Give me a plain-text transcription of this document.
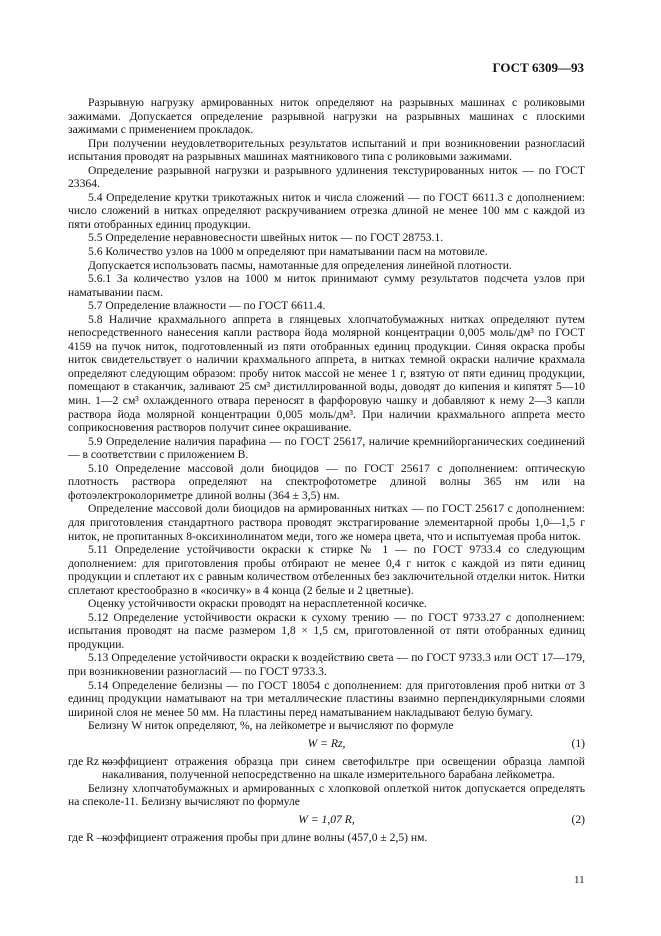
ГОСТ 6309—93

Разрывную нагрузку армированных ниток определяют на разрывных машинах с роликовыми зажимами. Допускается определение разрывной нагрузки на разрывных машинах с плоскими зажимами с применением прокладок.

При получении неудовлетворительных результатов испытаний и при возникновении разногласий испытания проводят на разрывных машинах маятникового типа с роликовыми зажимами.

Определение разрывной нагрузки и разрывного удлинения текстурированных ниток — по ГОСТ 23364.

5.4 Определение крутки трикотажных ниток и числа сложений — по ГОСТ 6611.3 с дополнением: число сложений в нитках определяют раскручиванием отрезка длиной не менее 100 мм с каждой из пяти отобранных единиц продукции.

5.5 Определение неравновесности швейных ниток — по ГОСТ 28753.1.

5.6 Количество узлов на 1000 м определяют при наматывании пасм на мотовиле.

Допускается использовать пасмы, намотанные для определения линейной плотности.

5.6.1 За количество узлов на 1000 м ниток принимают сумму результатов подсчета узлов при наматывании пасм.

5.7 Определение влажности — по ГОСТ 6611.4.

5.8 Наличие крахмального аппрета в глянцевых хлопчатобумажных нитках определяют путем непосредственного нанесения капли раствора йода молярной концентрации 0,005 моль/дм³ по ГОСТ 4159 на пучок ниток, подготовленный из пяти отобранных единиц продукции. Синяя окраска пробы ниток свидетельствует о наличии крахмального аппрета, в нитках темной окраски наличие крахмала определяют следующим образом: пробу ниток массой не менее 1 г, взятую от пяти единиц продукции, помещают в стаканчик, заливают 25 см³ дистиллированной воды, доводят до кипения и кипятят 5—10 мин. 1—2 см³ охлажденного отвара переносят в фарфоровую чашку и добавляют к нему 2—3 капли раствора йода молярной концентрации 0,005 моль/дм³. При наличии крахмального аппрета место соприкосновения растворов получит синее окрашивание.

5.9 Определение наличия парафина — по ГОСТ 25617, наличие кремнийорганических соединений — в соответствии с приложением В.

5.10 Определение массовой доли биоцидов — по ГОСТ 25617 с дополнением: оптическую плотность раствора определяют на спектрофотометре длиной волны 365 нм или на фотоэлектроколориметре длиной волны (364 ± 3,5) нм.

Определение массовой доли биоцидов на армированных нитках — по ГОСТ 25617 с дополнением: для приготовления стандартного раствора проводят экстрагирование элементарной пробы 1,0—1,5 г ниток, не пропитанных 8-оксихинолинатом меди, того же номера цвета, что и испытуемая проба ниток.

5.11 Определение устойчивости окраски к стирке № 1 — по ГОСТ 9733.4 со следующим дополнением: для приготовления пробы отбирают не менее 0,4 г ниток с каждой из пяти единиц продукции и сплетают их с равным количеством отбеленных без заключительной отделки ниток. Нитки сплетают крестообразно в «косичку» в 4 конца (2 белые и 2 цветные).

Оценку устойчивости окраски проводят на нерасплетенной косичке.

5.12 Определение устойчивости окраски к сухому трению — по ГОСТ 9733.27 с дополнением: испытания проводят на пасме размером 1,8 × 1,5 см, приготовленной от пяти отобранных единиц продукции.

5.13 Определение устойчивости окраски к воздействию света — по ГОСТ 9733.3 или ОСТ 17—179, при возникновении разногласий — по ГОСТ 9733.3.

5.14 Определение белизны — по ГОСТ 18054 с дополнением: для приготовления проб нитки от 3 единиц продукции наматывают на три металлические пластины взаимно перпендикулярными слоями шириной слоя не менее 50 мм. На пластины перед наматыванием накладывают белую бумагу.

Белизну W ниток определяют, %, на лейкометре и вычисляют по формуле

W = Rz,	(1)

где Rz —
коэффициент отражения образца при синем светофильтре при освещении образца лампой накаливания, полученной непосредственно на шкале измерительного барабана лейкометра.

Белизну хлопчатобумажных и армированных с хлопковой оплеткой ниток допускается определять на спеколе-11. Белизну вычисляют по формуле

W = 1,07 R,	(2)

где R —
коэффициент отражения пробы при длине волны (457,0 ± 2,5) нм.

11
